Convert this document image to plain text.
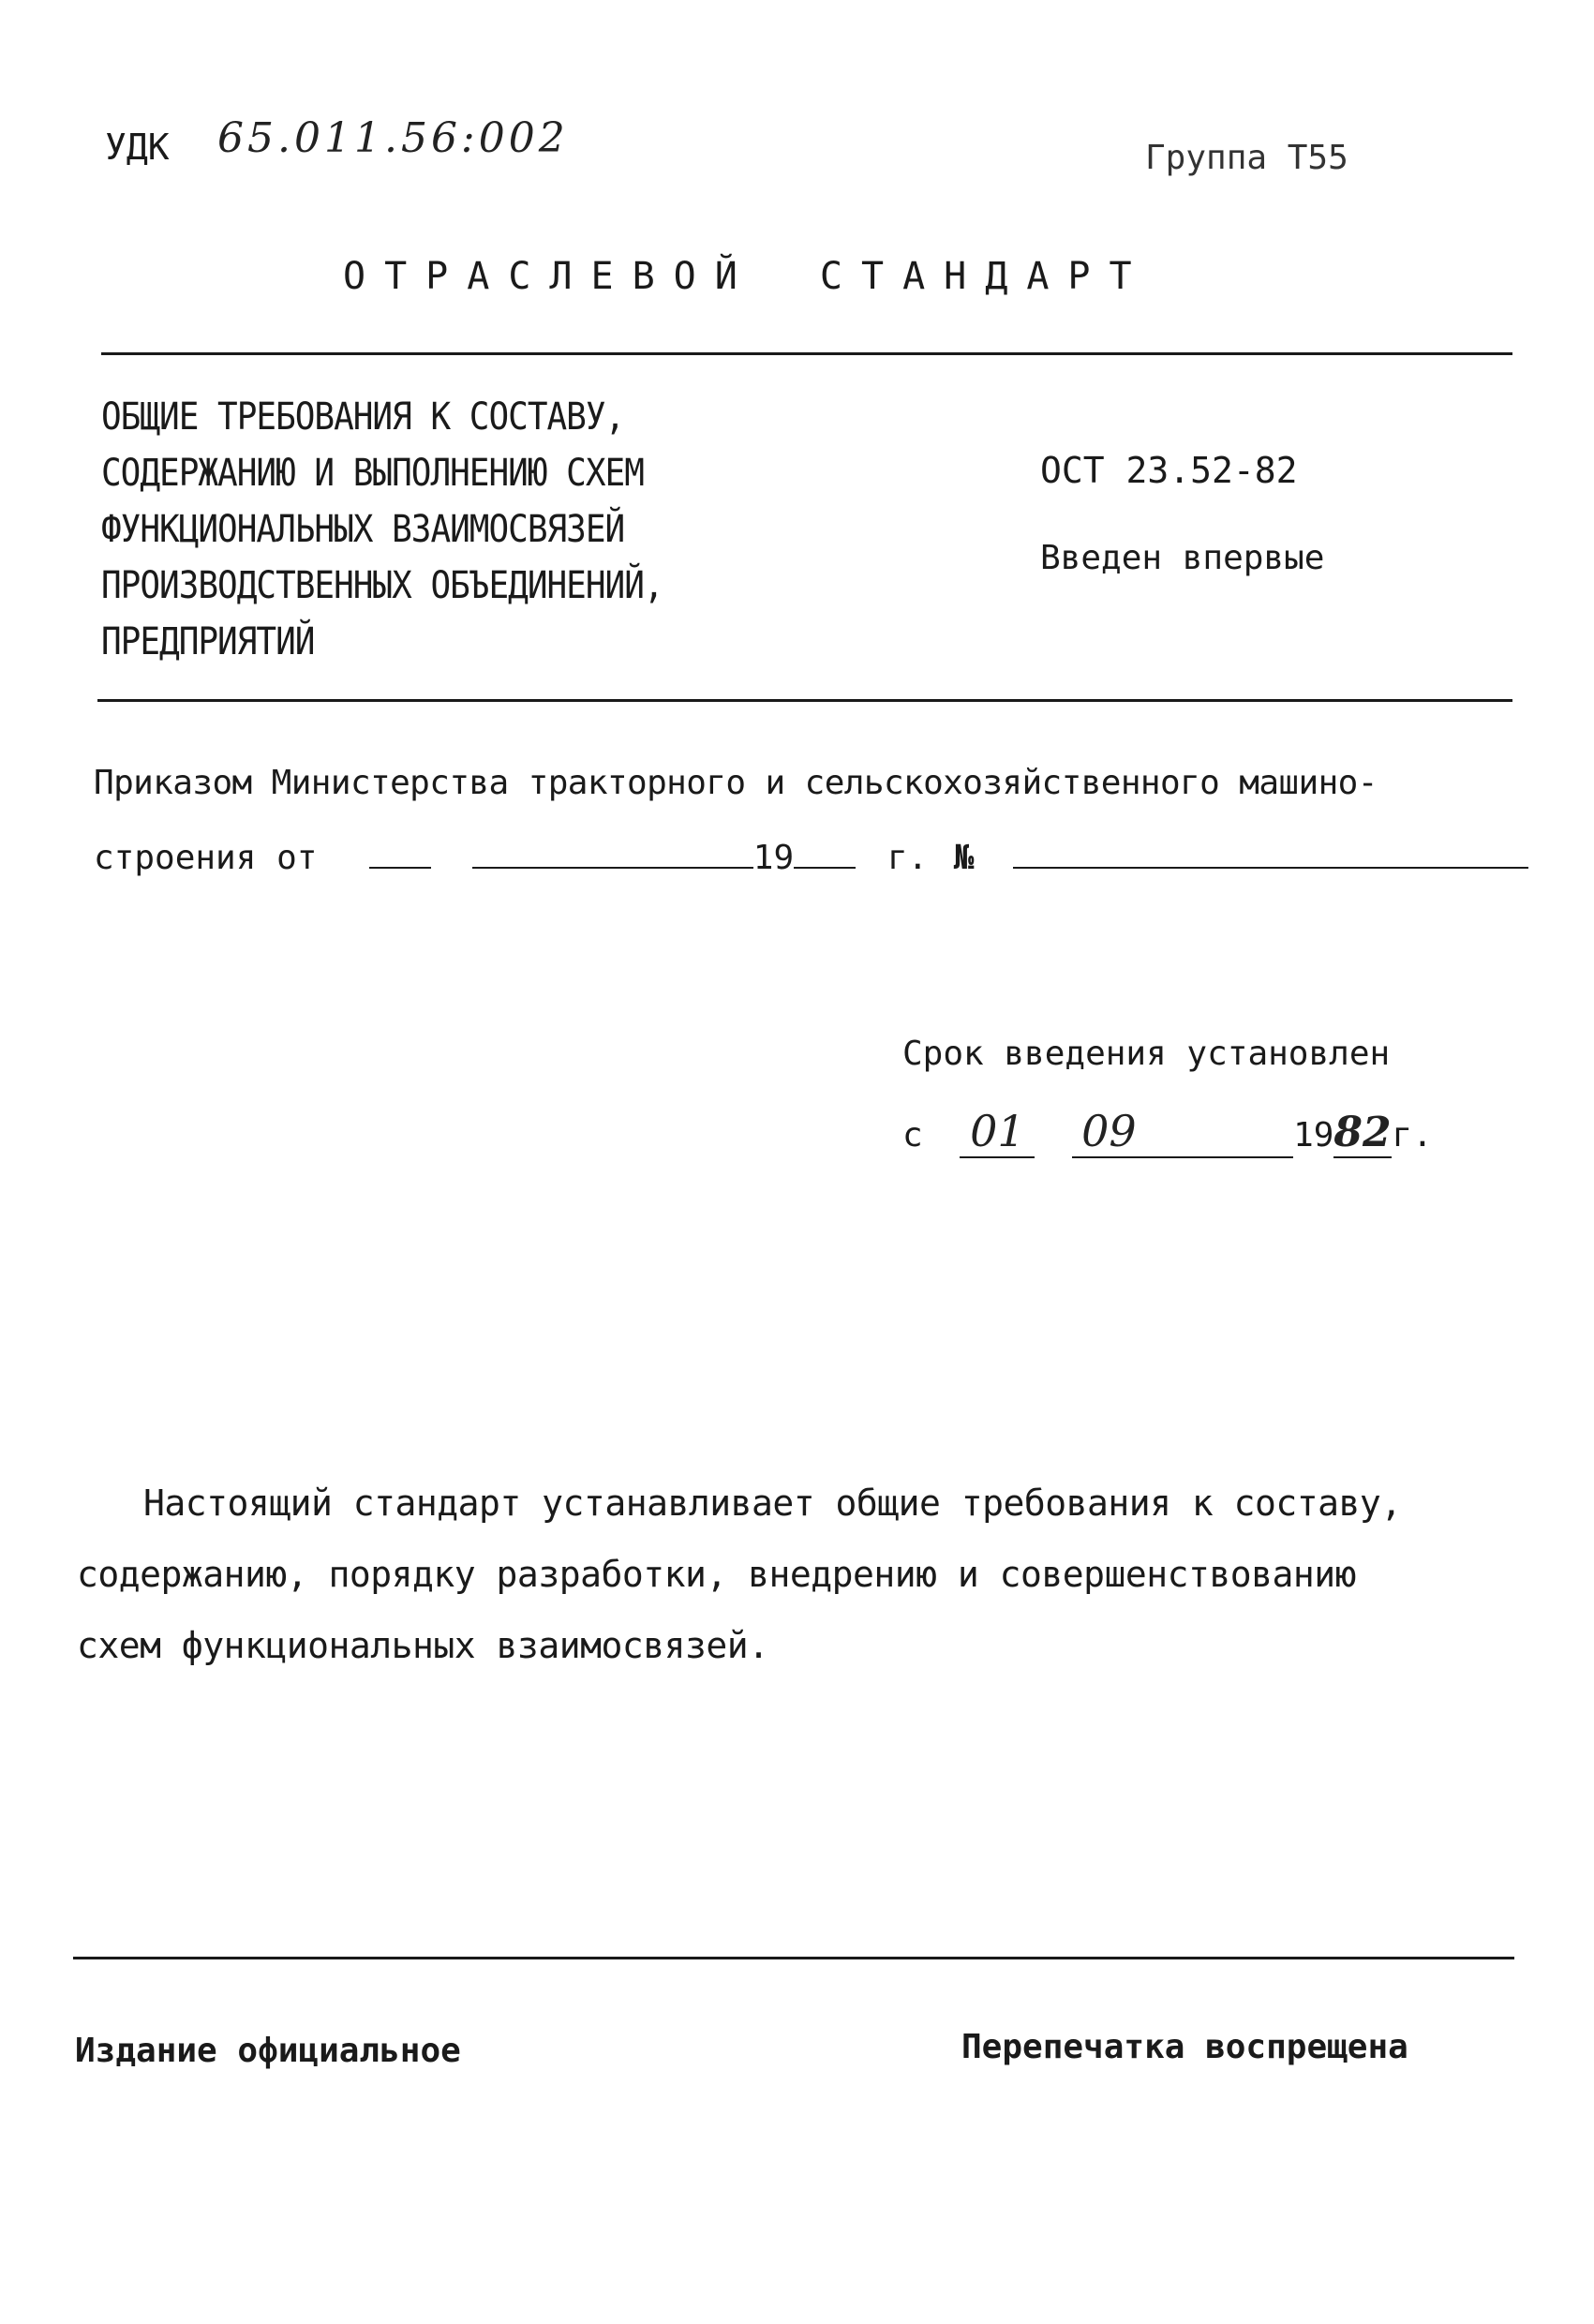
УДК 65.011.56:002	Группа Т55
ОТРАСЛЕВОЙ СТАНДАРТ
ОБЩИЕ ТРЕБОВАНИЯ К СОСТАВУ,
СОДЕРЖАНИЮ И ВЫПОЛНЕНИЮ СХЕМ
ФУНКЦИОНАЛЬНЫХ ВЗАИМОСВЯЗЕЙ
ПРОИЗВОДСТВЕННЫХ ОБЪЕДИНЕНИЙ,
ПРЕДПРИЯТИЙ
ОСТ 23.52-82
Введен впервые
Приказом Министерства тракторного и сельскохозяйственного машино-
строения от	19	г. №
Срок введения установлен
с 01 09	1982г.
Настоящий стандарт устанавливает общие требования к составу,
содержанию, порядку разработки, внедрению и совершенствованию
схем функциональных взаимосвязей.
Издание официальное	Перепечатка воспрещена
